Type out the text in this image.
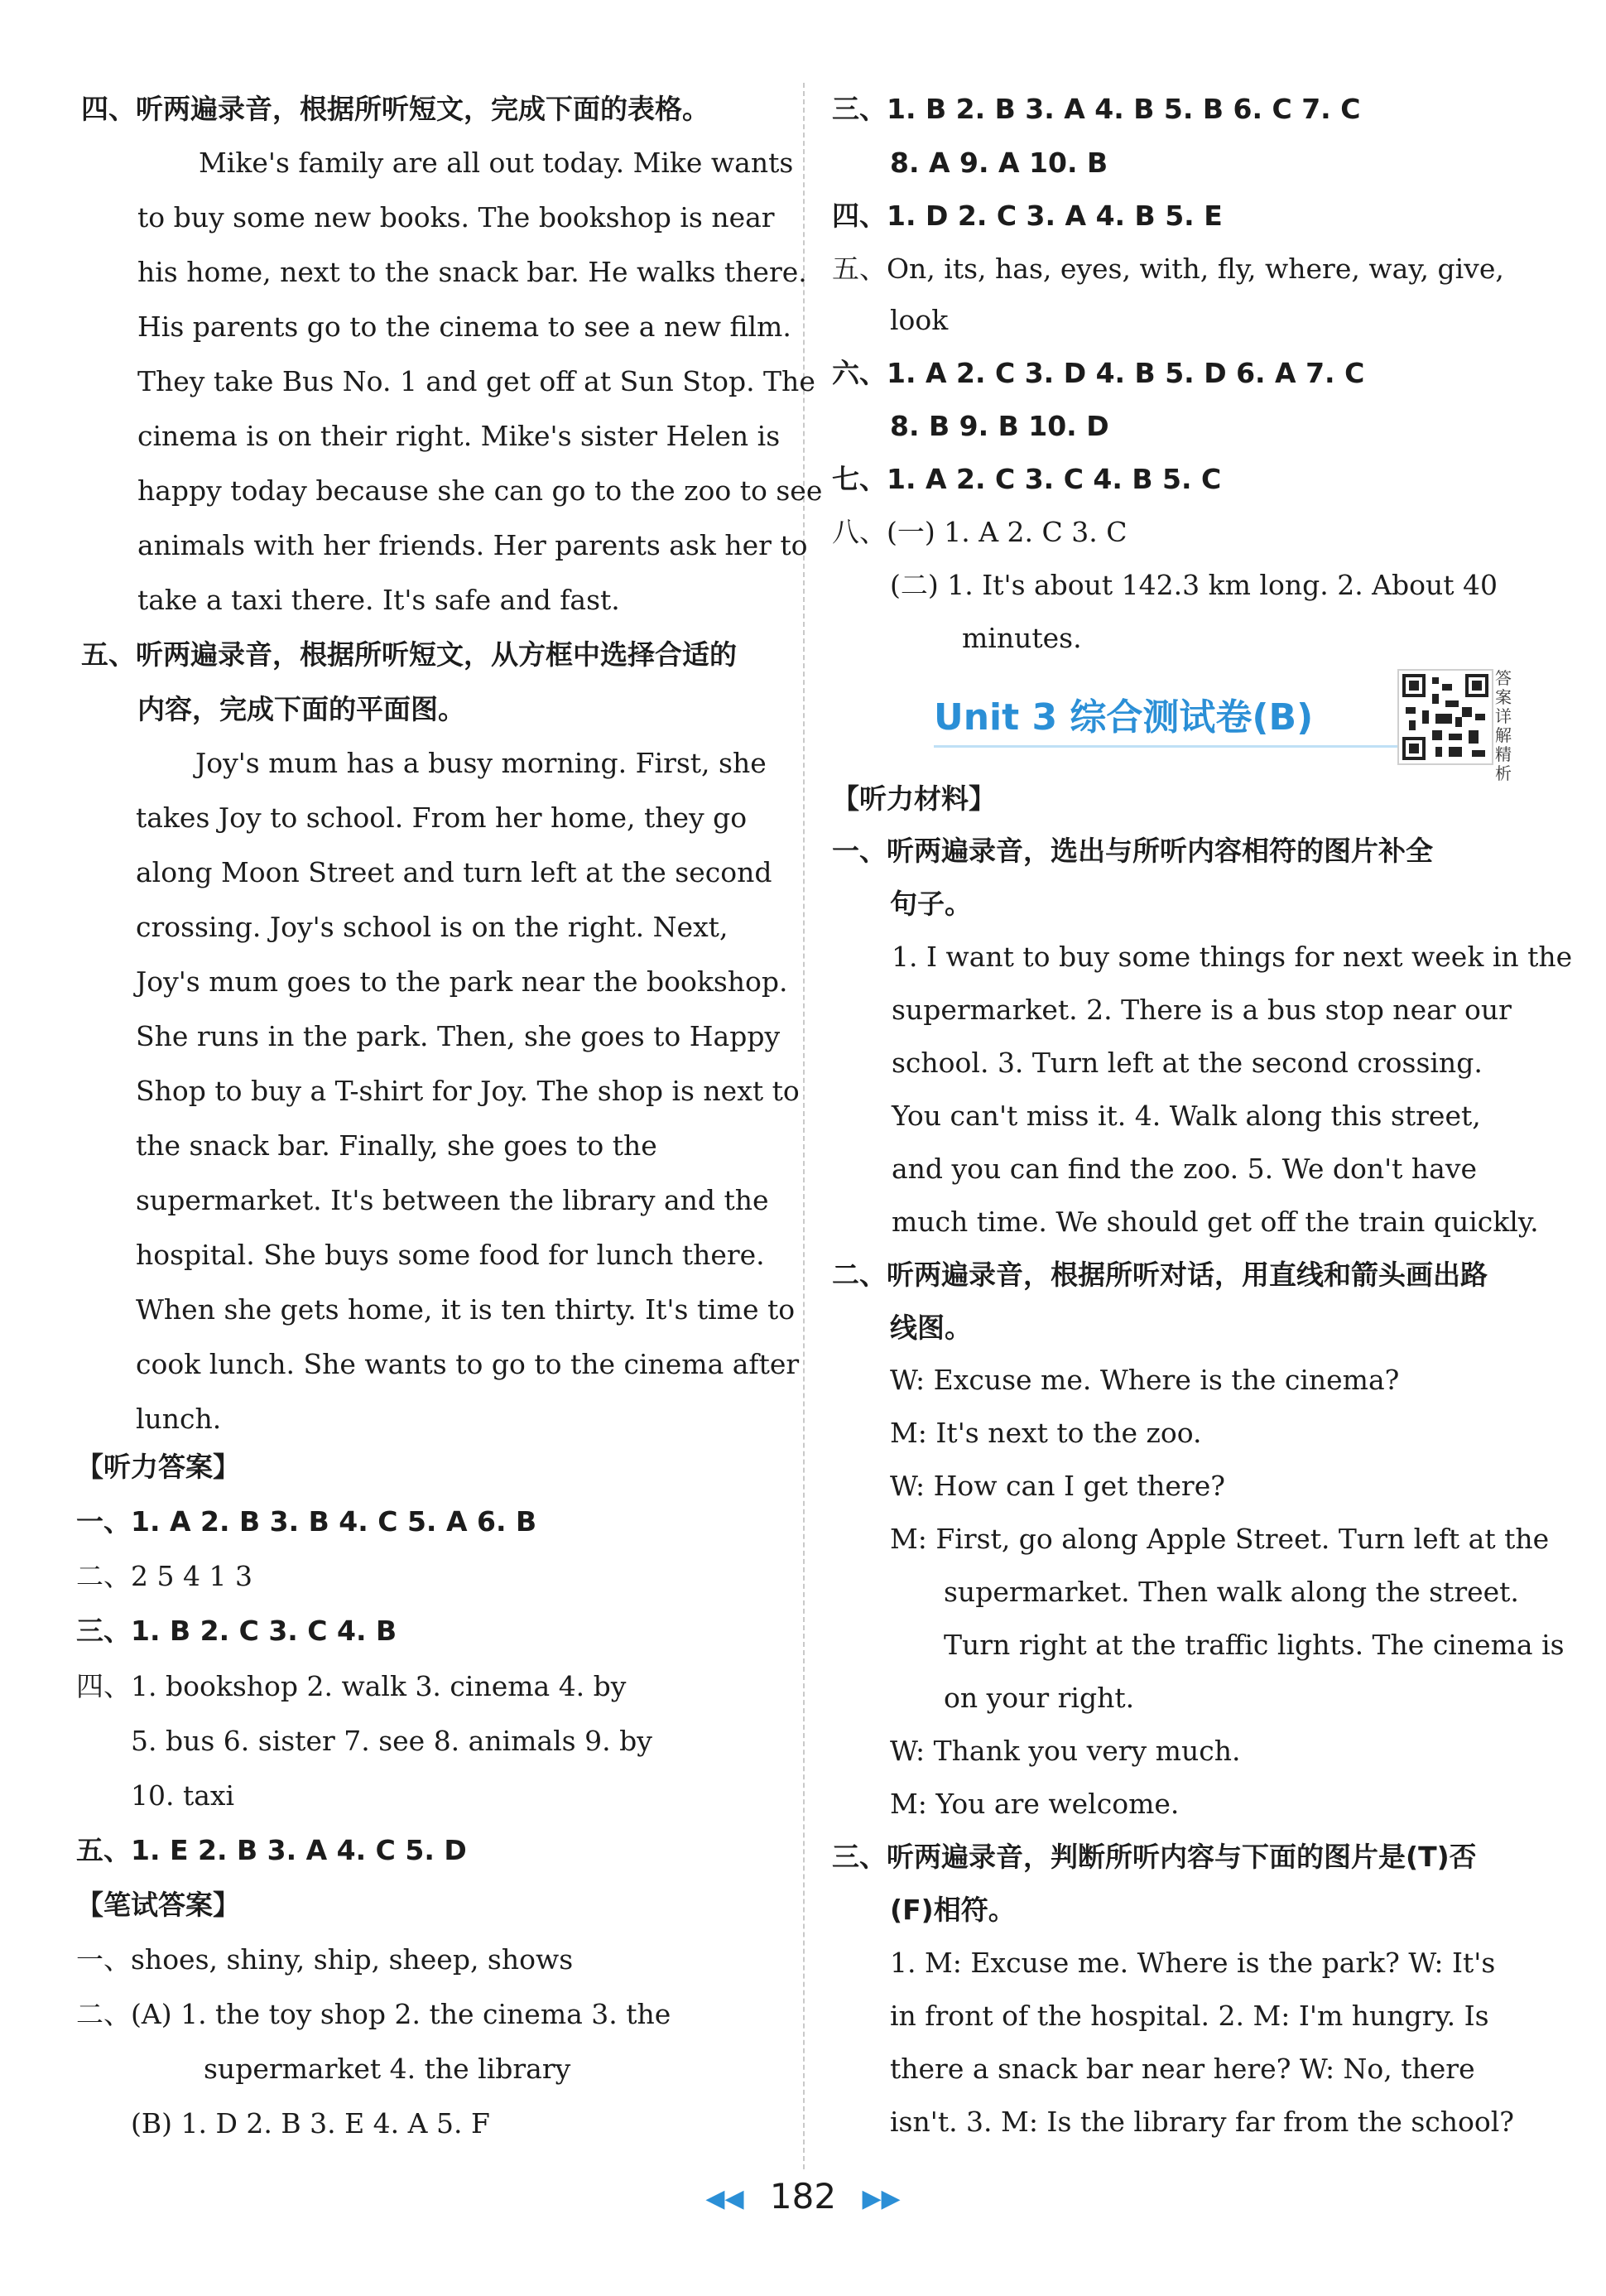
四、听两遍录音，根据所听短文，完成下面的表格。
Mike's family are all out today. Mike wants
to buy some new books. The bookshop is near
his home, next to the snack bar. He walks there.
His parents go to the cinema to see a new film.
They take Bus No. 1 and get off at Sun Stop. The
cinema is on their right. Mike's sister Helen is
happy today because she can go to the zoo to see
animals with her friends. Her parents ask her to
take a taxi there. It's safe and fast.
五、听两遍录音，根据所听短文，从方框中选择合适的
内容，完成下面的平面图。
Joy's mum has a busy morning. First, she
takes Joy to school. From her home, they go
along Moon Street and turn left at the second
crossing. Joy's school is on the right. Next,
Joy's mum goes to the park near the bookshop.
She runs in the park. Then, she goes to Happy
Shop to buy a T-shirt for Joy. The shop is next to
the snack bar. Finally, she goes to the
supermarket. It's between the library and the
hospital. She buys some food for lunch there.
When she gets home, it is ten thirty. It's time to
cook lunch. She wants to go to the cinema after
lunch.
【听力答案】
一、1. A 2. B 3. B 4. C 5. A 6. B
二、2 5 4 1 3
三、1. B 2. C 3. C 4. B
四、1. bookshop 2. walk 3. cinema 4. by
5. bus 6. sister 7. see 8. animals 9. by
10. taxi
五、1. E 2. B 3. A 4. C 5. D
【笔试答案】
一、shoes, shiny, ship, sheep, shows
二、(A) 1. the toy shop 2. the cinema 3. the
supermarket 4. the library
(B) 1. D 2. B 3. E 4. A 5. F
三、1. B 2. B 3. A 4. B 5. B 6. C 7. C
8. A 9. A 10. B
四、1. D 2. C 3. A 4. B 5. E
五、On, its, has, eyes, with, fly, where, way, give,
look
六、1. A 2. C 3. D 4. B 5. D 6. A 7. C
8. B 9. B 10. D
七、1. A 2. C 3. C 4. B 5. C
八、(一) 1. A 2. C 3. C
(二) 1. It's about 142.3 km long. 2. About 40
minutes.
Unit 3 综合测试卷(B)
答案详解精析
【听力材料】
一、听两遍录音，选出与所听内容相符的图片补全
句子。
1. I want to buy some things for next week in the
supermarket. 2. There is a bus stop near our
school. 3. Turn left at the second crossing.
You can't miss it. 4. Walk along this street,
and you can find the zoo. 5. We don't have
much time. We should get off the train quickly.
二、听两遍录音，根据所听对话，用直线和箭头画出路
线图。
W: Excuse me. Where is the cinema?
M: It's next to the zoo.
W: How can I get there?
M: First, go along Apple Street. Turn left at the
supermarket. Then walk along the street.
Turn right at the traffic lights. The cinema is
on your right.
W: Thank you very much.
M: You are welcome.
三、听两遍录音，判断所听内容与下面的图片是(T)否
(F)相符。
1. M: Excuse me. Where is the park? W: It's
in front of the hospital. 2. M: I'm hungry. Is
there a snack bar near here? W: No, there
isn't. 3. M: Is the library far from the school?
◀◀ 182 ▶▶
